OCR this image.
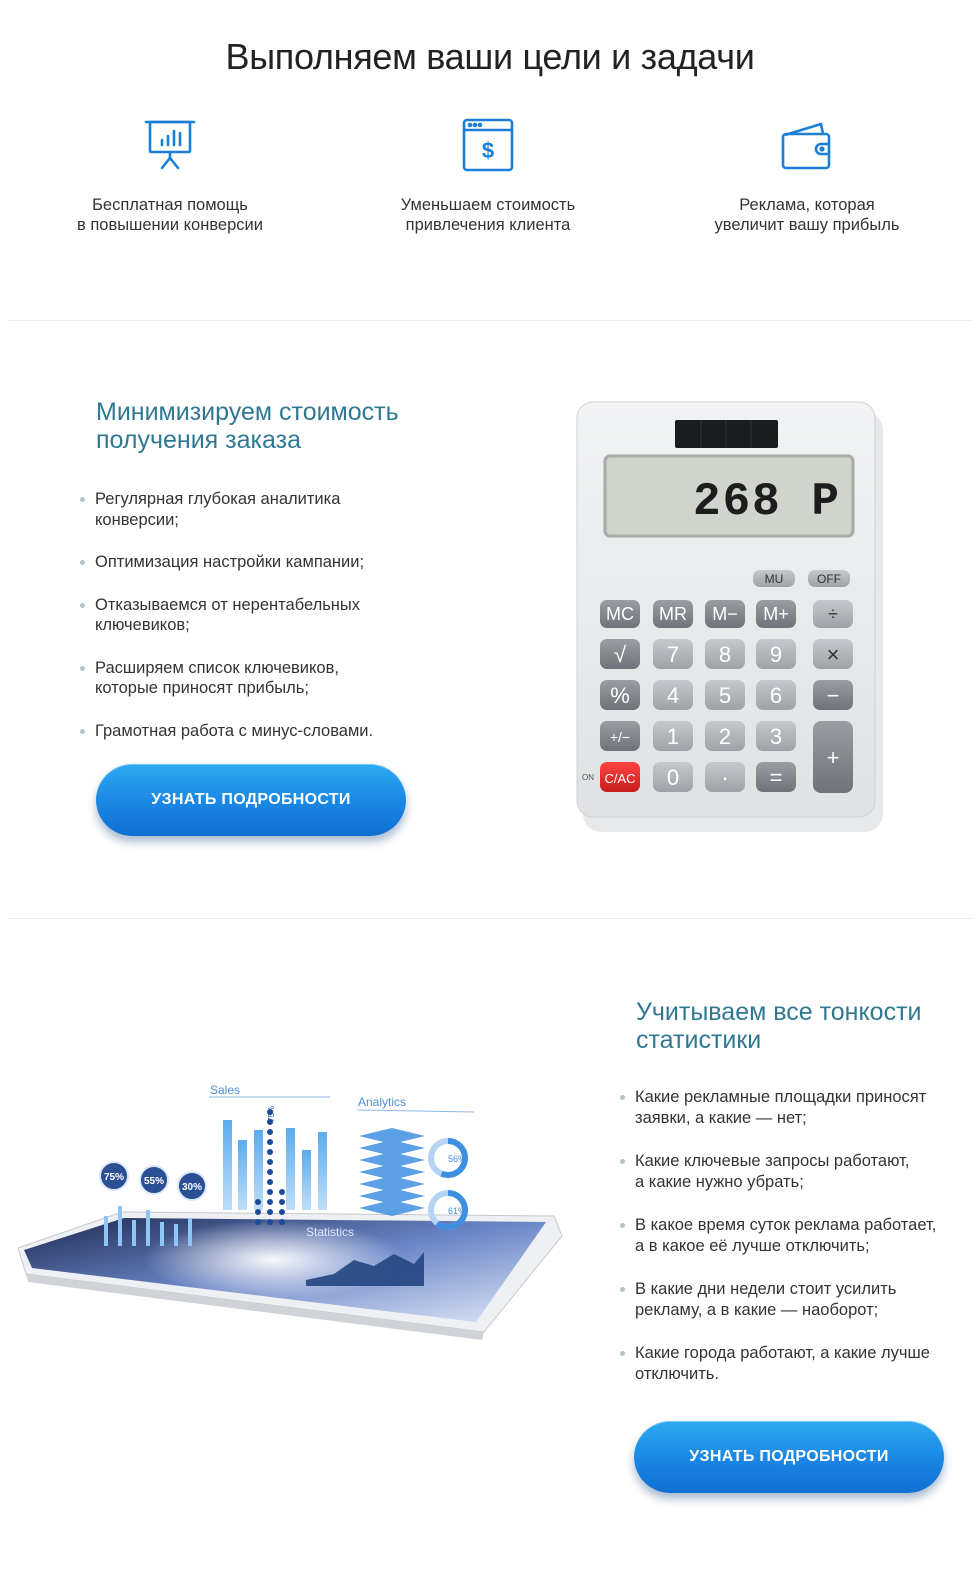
Выполняем ваши цели и задачи
Бесплатная помощь
в повышении конверсии
$
Уменьшаем стоимость
привлечения клиента
Реклама, которая
увеличит вашу прибыль
Минимизируем стоимость
получения заказа
Регулярная глубокая аналитика
конверсии;
Оптимизация настройки кампании;
Отказываемся от нерентабельных
ключевиков;
Расширяем список ключевиков,
которые приносят прибыль;
Грамотная работа с минус-словами.
УЗНАТЬ ПОДРОБНОСТИ
268 P
MU	OFF
MC MR M− M+ ÷
√ 7 8 9 ×
% 4 5 6 −
+/− 1 2 3
+
ON C/AC 0 · =
Учитываем все тонкости
статистики
Какие рекламные площадки приносят
заявки, а какие — нет;
Какие ключевые запросы работают,
а какие нужно убрать;
В какое время суток реклама работает,
а в какое её лучше отключить;
В какие дни недели стоит усилить
рекламу, а в какие — наоборот;
Какие города работают, а какие лучше
отключить.
УЗНАТЬ ПОДРОБНОСТИ
75% 55%
30%
Sales
75%
Analytics
56%
61%
Statistics
